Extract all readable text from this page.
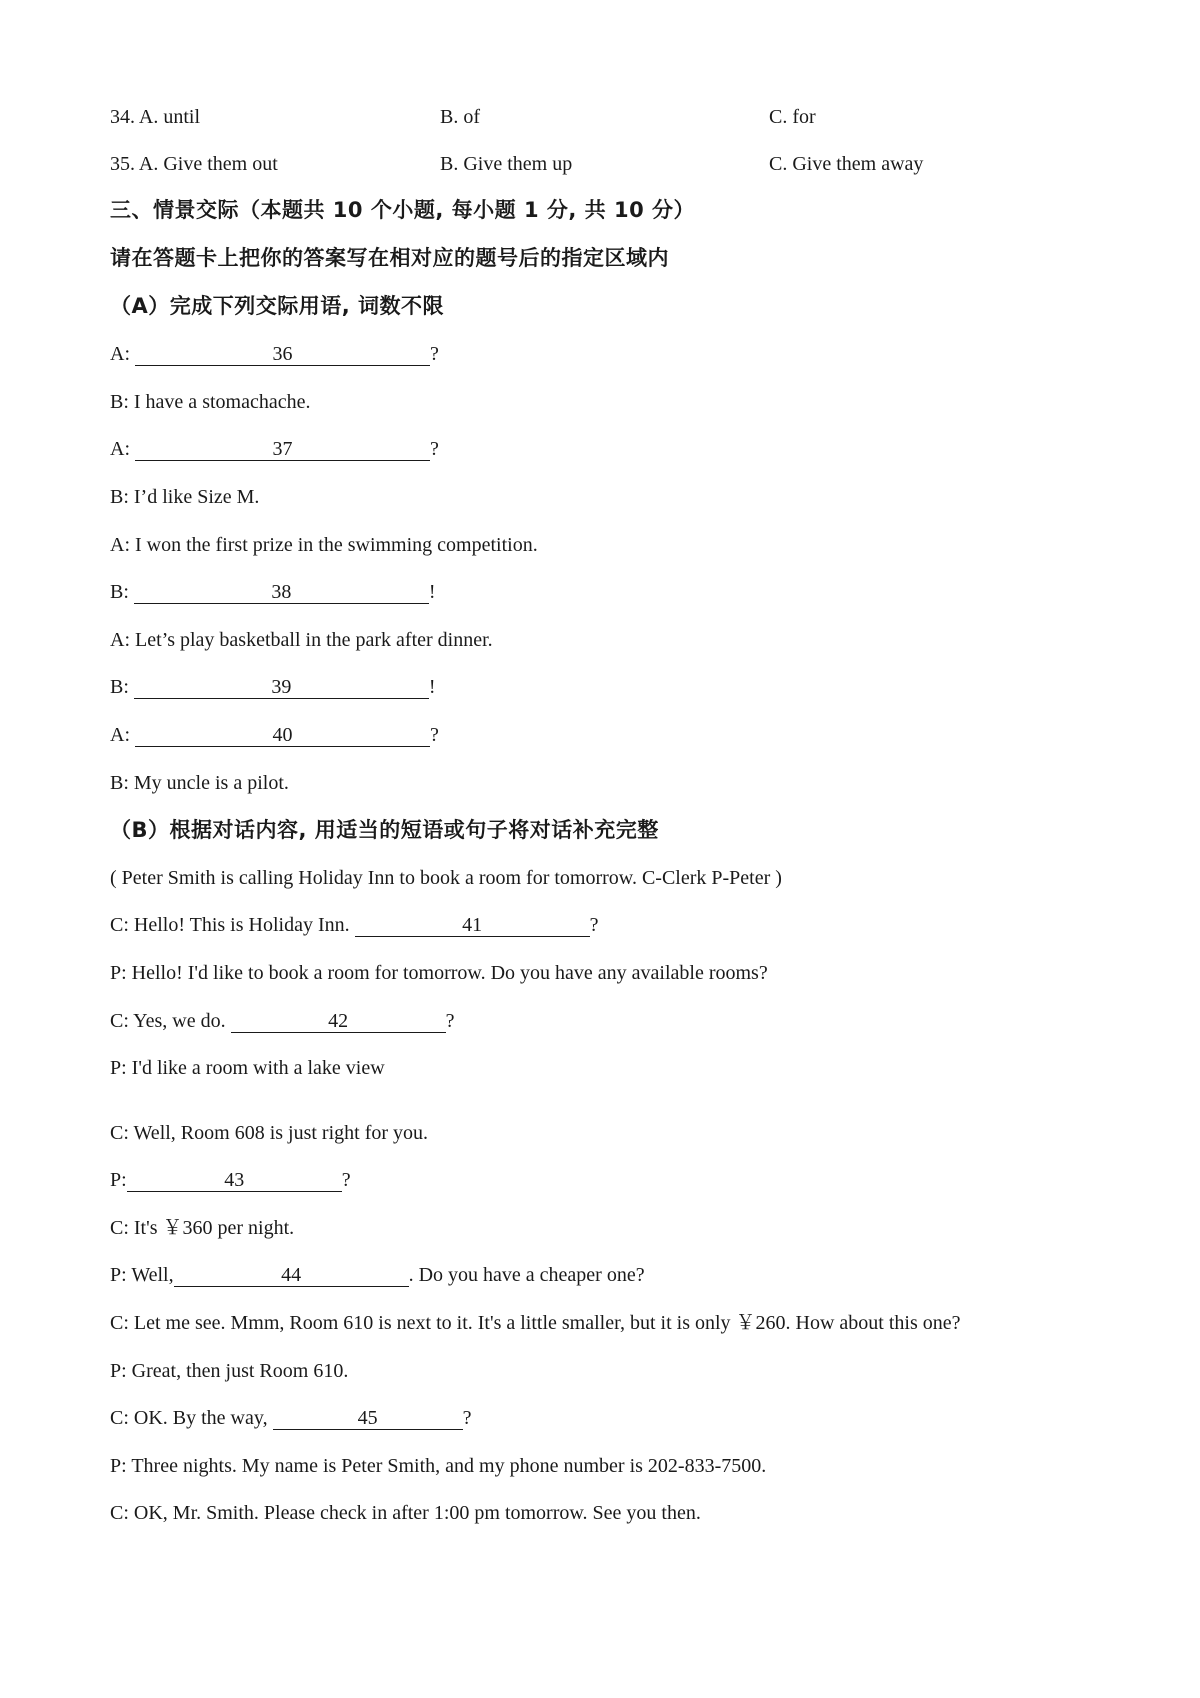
34. A. until	B. of	C. for
35. A. Give them out	B. Give them up	C. Give them away
三、情景交际（本题共 10 个小题, 每小题 1 分, 共 10 分）
请在答题卡上把你的答案写在相对应的题号后的指定区域内
（A）完成下列交际用语, 词数不限
A:	36	?
B: I have a stomachache.
A:	37	?
B: I’d like Size M.
A: I won the first prize in the swimming competition.
B:	38	!
A: Let’s play basketball in the park after dinner.
B:	39	!
A:	40	?
B: My uncle is a pilot.
（B）根据对话内容, 用适当的短语或句子将对话补充完整
( Peter Smith is calling Holiday Inn to book a room for tomorrow. C-Clerk P-Peter )
C: Hello! This is Holiday Inn.	41	?
P: Hello! I'd like to book a room for tomorrow. Do you have any available rooms?
C: Yes, we do.	42	?
P: I'd like a room with a lake view
C: Well, Room 608 is just right for you.
P:	43	?
C: It's ￥360 per night.
P: Well,	44	. Do you have a cheaper one?
C: Let me see. Mmm, Room 610 is next to it. It's a little smaller, but it is only ￥260. How about this one?
P: Great, then just Room 610.
C: OK. By the way,	45	?
P: Three nights. My name is Peter Smith, and my phone number is 202-833-7500.
C: OK, Mr. Smith. Please check in after 1:00 pm tomorrow. See you then.
